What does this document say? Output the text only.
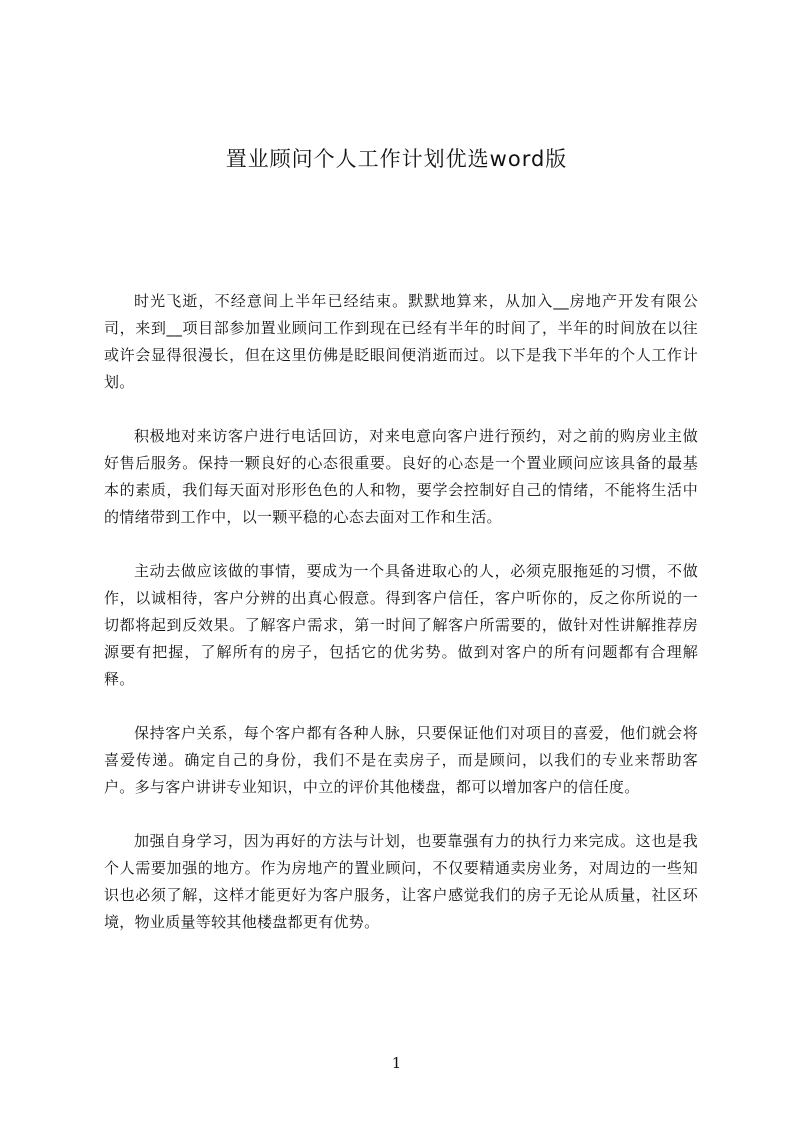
置业顾问个人工作计划优选word版

时光飞逝，不经意间上半年已经结束。默默地算来，从加入__房地产开发有限公司，来到__项目部参加置业顾问工作到现在已经有半年的时间了，半年的时间放在以往或许会显得很漫长，但在这里仿佛是眨眼间便消逝而过。以下是我下半年的个人工作计划。

积极地对来访客户进行电话回访，对来电意向客户进行预约，对之前的购房业主做好售后服务。保持一颗良好的心态很重要。良好的心态是一个置业顾问应该具备的最基本的素质，我们每天面对形形色色的人和物，要学会控制好自己的情绪，不能将生活中的情绪带到工作中，以一颗平稳的心态去面对工作和生活。

主动去做应该做的事情，要成为一个具备进取心的人，必须克服拖延的习惯，不做作，以诚相待，客户分辨的出真心假意。得到客户信任，客户听你的，反之你所说的一切都将起到反效果。了解客户需求，第一时间了解客户所需要的，做针对性讲解推荐房源要有把握，了解所有的房子，包括它的优劣势。做到对客户的所有问题都有合理解释。

保持客户关系，每个客户都有各种人脉，只要保证他们对项目的喜爱，他们就会将喜爱传递。确定自己的身份，我们不是在卖房子，而是顾问，以我们的专业来帮助客户。多与客户讲讲专业知识，中立的评价其他楼盘，都可以增加客户的信任度。

加强自身学习，因为再好的方法与计划，也要靠强有力的执行力来完成。这也是我个人需要加强的地方。作为房地产的置业顾问，不仅要精通卖房业务，对周边的一些知识也必须了解，这样才能更好为客户服务，让客户感觉我们的房子无论从质量，社区环境，物业质量等较其他楼盘都更有优势。

1
